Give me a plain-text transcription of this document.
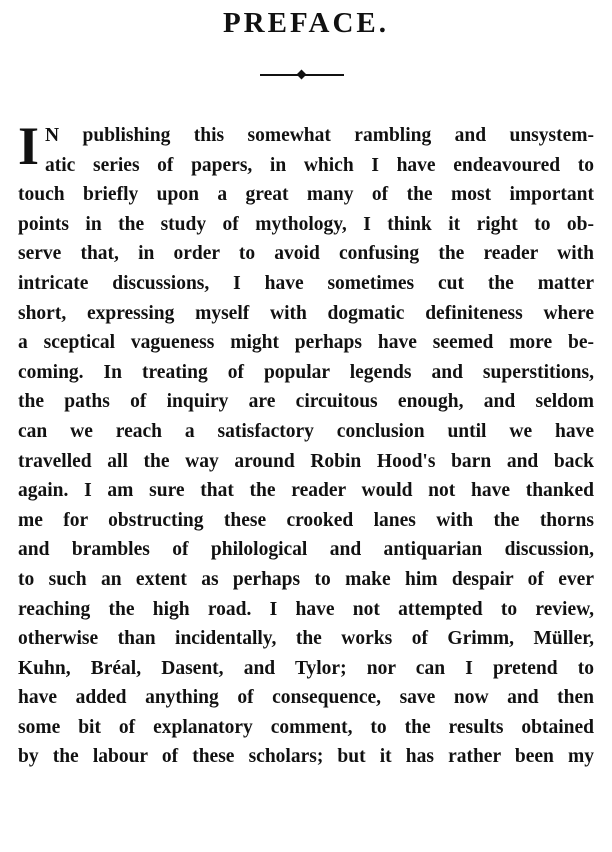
PREFACE.
I N publishing this somewhat rambling and unsystem-
atic series of papers, in which I have endeavoured to
touch briefly upon a great many of the most important
points in the study of mythology, I think it right to ob-
serve that, in order to avoid confusing the reader with
intricate discussions, I have sometimes cut the matter
short, expressing myself with dogmatic definiteness where
a sceptical vagueness might perhaps have seemed more be-
coming. In treating of popular legends and superstitions,
the paths of inquiry are circuitous enough, and seldom
can we reach a satisfactory conclusion until we have
travelled all the way around Robin Hood's barn and back
again. I am sure that the reader would not have thanked
me for obstructing these crooked lanes with the thorns
and brambles of philological and antiquarian discussion,
to such an extent as perhaps to make him despair of ever
reaching the high road. I have not attempted to review,
otherwise than incidentally, the works of Grimm, Müller,
Kuhn, Bréal, Dasent, and Tylor; nor can I pretend to
have added anything of consequence, save now and then
some bit of explanatory comment, to the results obtained
by the labour of these scholars; but it has rather been my
